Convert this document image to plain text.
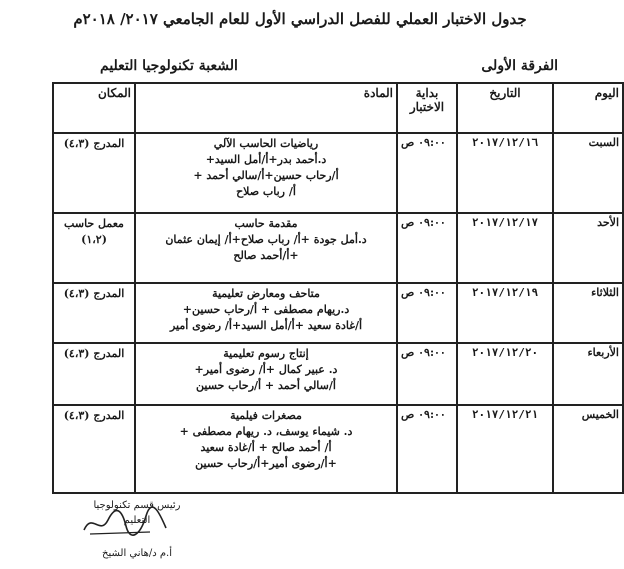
جدول الاختبار العملي للفصل الدراسي الأول للعام الجامعي ٢٠١٧/ ٢٠١٨م
الفرقة الأولى
الشعبة تكنولوجيا التعليم
اليوم	التاريخ	بداية الاختبار	المادة	المكان
السبت	٢٠١٧/١٢/١٦	٠٩:٠٠ ص	رياضيات الحاسب الآلي
د.أحمد بدر+أ/أمل السيد+
أ/رحاب حسين+أ/سالي أحمد +
أ/ رباب صلاح	المدرج (٤،٣)

الأحد	٢٠١٧/١٢/١٧	٠٩:٠٠ ص	مقدمة حاسب
د.أمل جودة +أ/ رباب صلاح+أ/ إيمان عثمان
+أ/أحمد صالح	معمل حاسب
(١،٢)

الثلاثاء	٢٠١٧/١٢/١٩	٠٩:٠٠ ص	متاحف ومعارض تعليمية
د.ريهام مصطفى + أ/رحاب حسين+
أ/غادة سعيد +أ/أمل السيد+أ/ رضوى أمير	المدرج (٤،٣)

الأربعاء	٢٠١٧/١٢/٢٠	٠٩:٠٠ ص	إنتاج رسوم تعليمية
د. عبير كمال +أ/ رضوى أمير+
أ/سالي أحمد + أ/رحاب حسين	المدرج (٤،٣)

الخميس	٢٠١٧/١٢/٢١	٠٩:٠٠ ص	مصغرات فيلمية
د. شيماء يوسف، د. ريهام مصطفى +
أ/ أحمد صالح + أ/غادة سعيد
+أ/رضوى أمير+أ/رحاب حسين	المدرج (٤،٣)
رئيس قسم تكنولوجيا التعليم
أ.م د/هاني الشيخ
